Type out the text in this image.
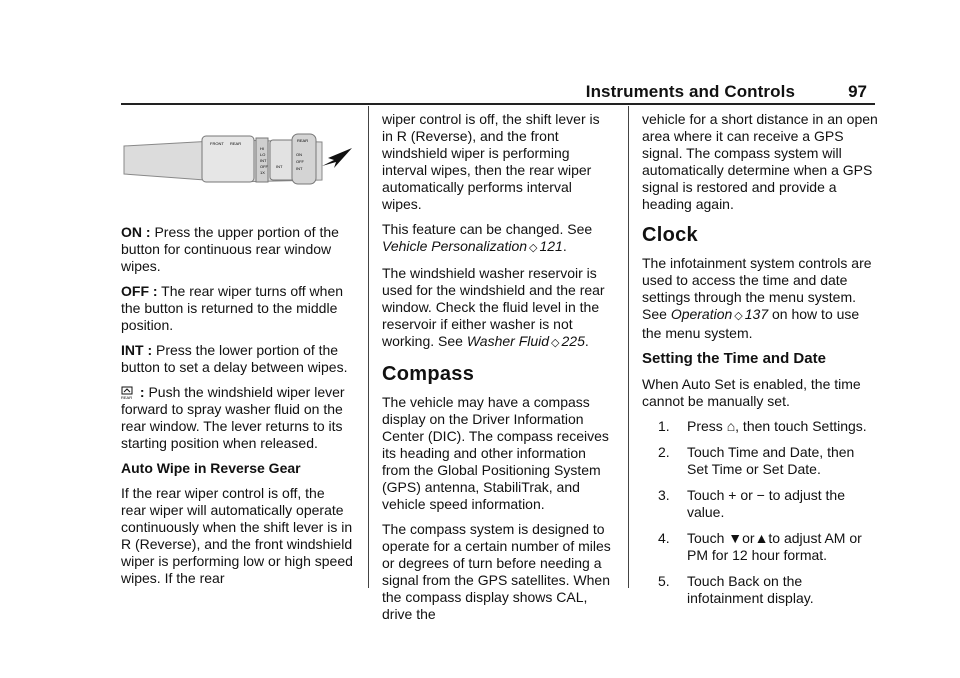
Instruments and Controls	97
FRONT REAR
HI
LO
INT
OFF
1X
INT
ON
OFF
INT
REAR

ON : Press the upper portion of the button for continuous rear window wipes.

OFF : The rear wiper turns off when the button is returned to the middle position.

INT : Press the lower portion of the button to set a delay between wipes.

REAR : Push the windshield wiper lever forward to spray washer fluid on the rear window. The lever returns to its starting position when released.

Auto Wipe in Reverse Gear

If the rear wiper control is off, the rear wiper will automatically operate continuously when the shift lever is in R (Reverse), and the front windshield wiper is performing low or high speed wipes. If the rear

wiper control is off, the shift lever is in R (Reverse), and the front windshield wiper is performing interval wipes, then the rear wiper automatically performs interval wipes.

This feature can be changed. See Vehicle Personalization ◇ 121.

The windshield washer reservoir is used for the windshield and the rear window. Check the fluid level in the reservoir if either washer is not working. See Washer Fluid ◇ 225.

Compass

The vehicle may have a compass display on the Driver Information Center (DIC). The compass receives its heading and other information from the Global Positioning System (GPS) antenna, StabiliTrak, and vehicle speed information.

The compass system is designed to operate for a certain number of miles or degrees of turn before needing a signal from the GPS satellites. When the compass display shows CAL, drive the

vehicle for a short distance in an open area where it can receive a GPS signal. The compass system will automatically determine when a GPS signal is restored and provide a heading again.

Clock

The infotainment system controls are used to access the time and date settings through the menu system. See Operation ◇ 137 on how to use the menu system.

Setting the Time and Date

When Auto Set is enabled, the time cannot be manually set.

1. Press ⌂, then touch Settings.
2. Touch Time and Date, then Set Time or Set Date.
3. Touch + or − to adjust the value.
4. Touch ▼or▲to adjust AM or PM for 12 hour format.
5. Touch Back on the infotainment display.
